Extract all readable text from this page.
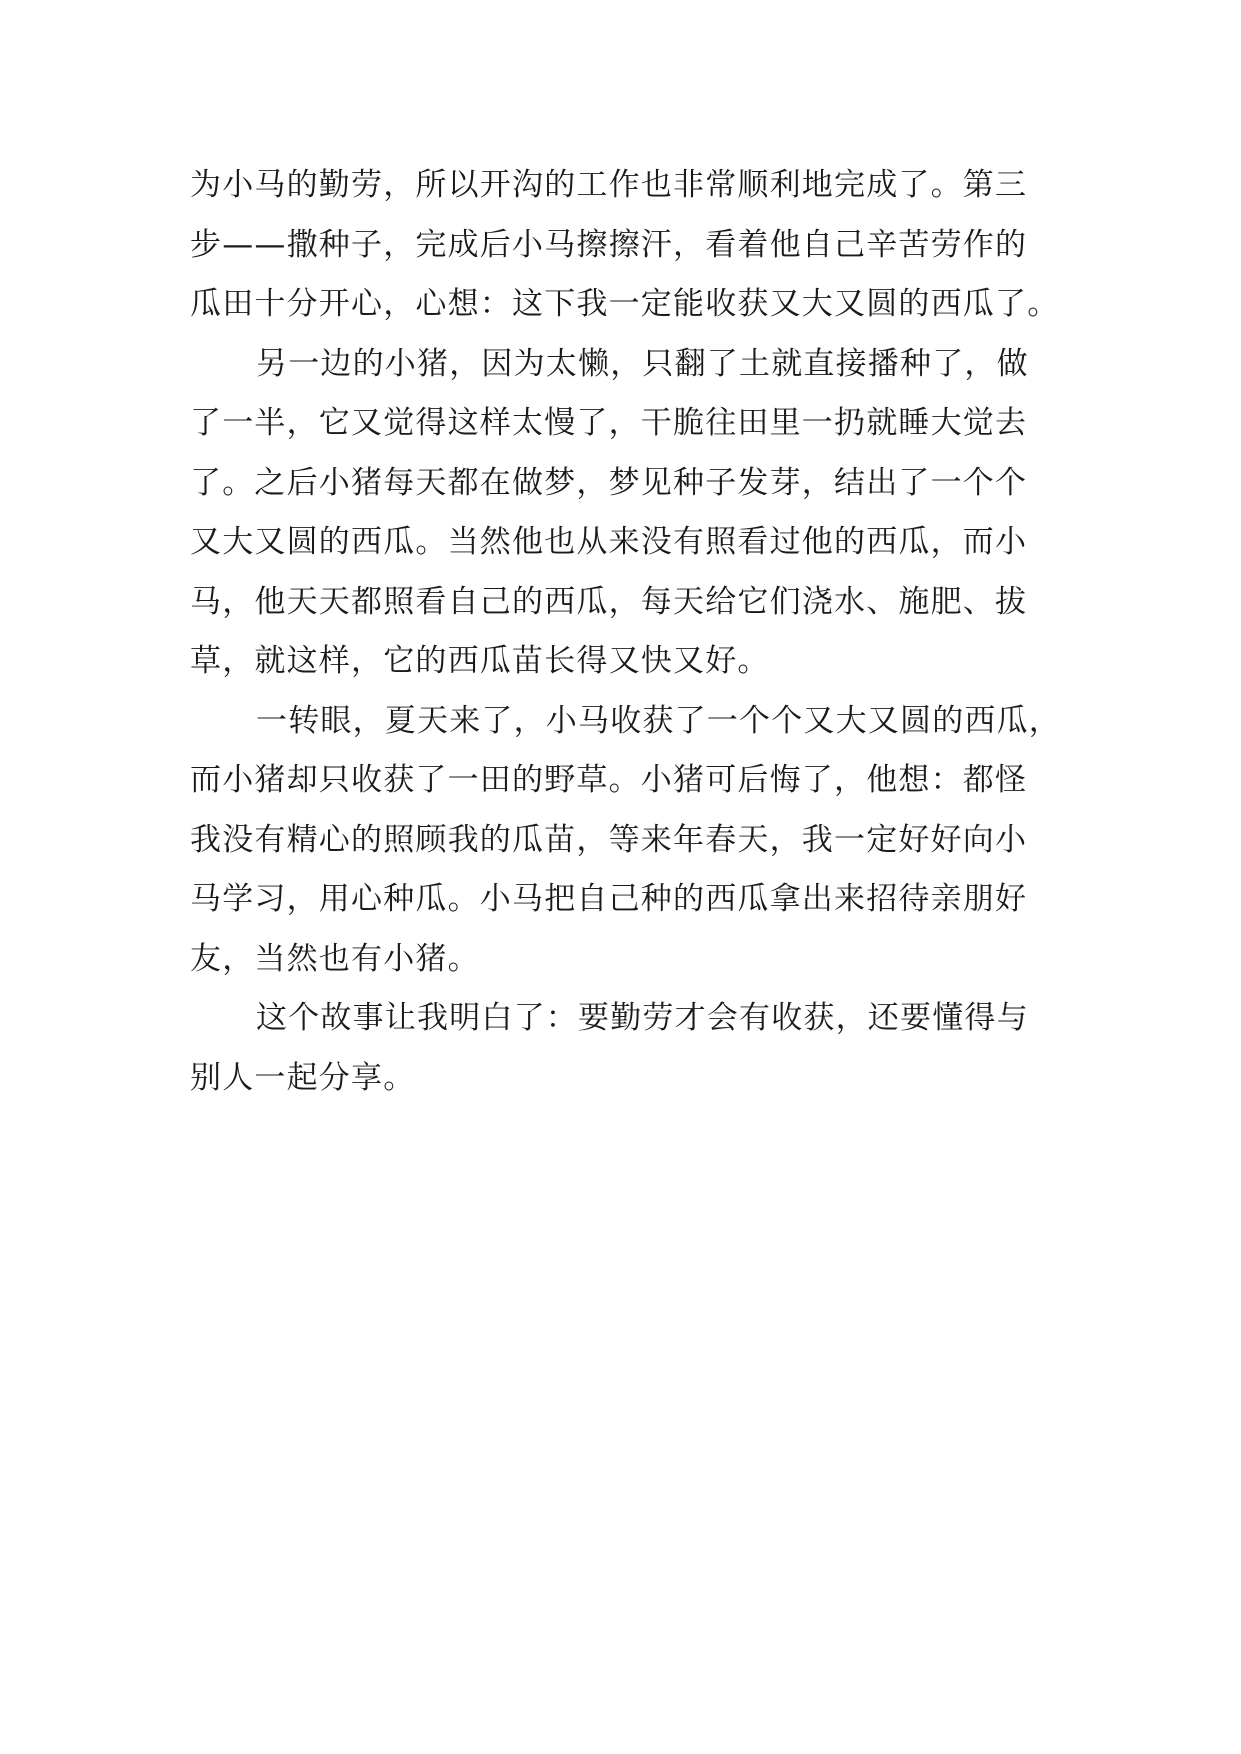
为小马的勤劳，所以开沟的工作也非常顺利地完成了。第三
步——撒种子，完成后小马擦擦汗，看着他自己辛苦劳作的
瓜田十分开心，心想：这下我一定能收获又大又圆的西瓜了。
另一边的小猪，因为太懒，只翻了土就直接播种了，做
了一半，它又觉得这样太慢了，干脆往田里一扔就睡大觉去
了。之后小猪每天都在做梦，梦见种子发芽，结出了一个个
又大又圆的西瓜。当然他也从来没有照看过他的西瓜，而小
马，他天天都照看自己的西瓜，每天给它们浇水、施肥、拔
草，就这样，它的西瓜苗长得又快又好。
一转眼，夏天来了，小马收获了一个个又大又圆的西瓜，
而小猪却只收获了一田的野草。小猪可后悔了，他想：都怪
我没有精心的照顾我的瓜苗，等来年春天，我一定好好向小
马学习，用心种瓜。小马把自己种的西瓜拿出来招待亲朋好
友，当然也有小猪。
这个故事让我明白了：要勤劳才会有收获，还要懂得与
别人一起分享。
